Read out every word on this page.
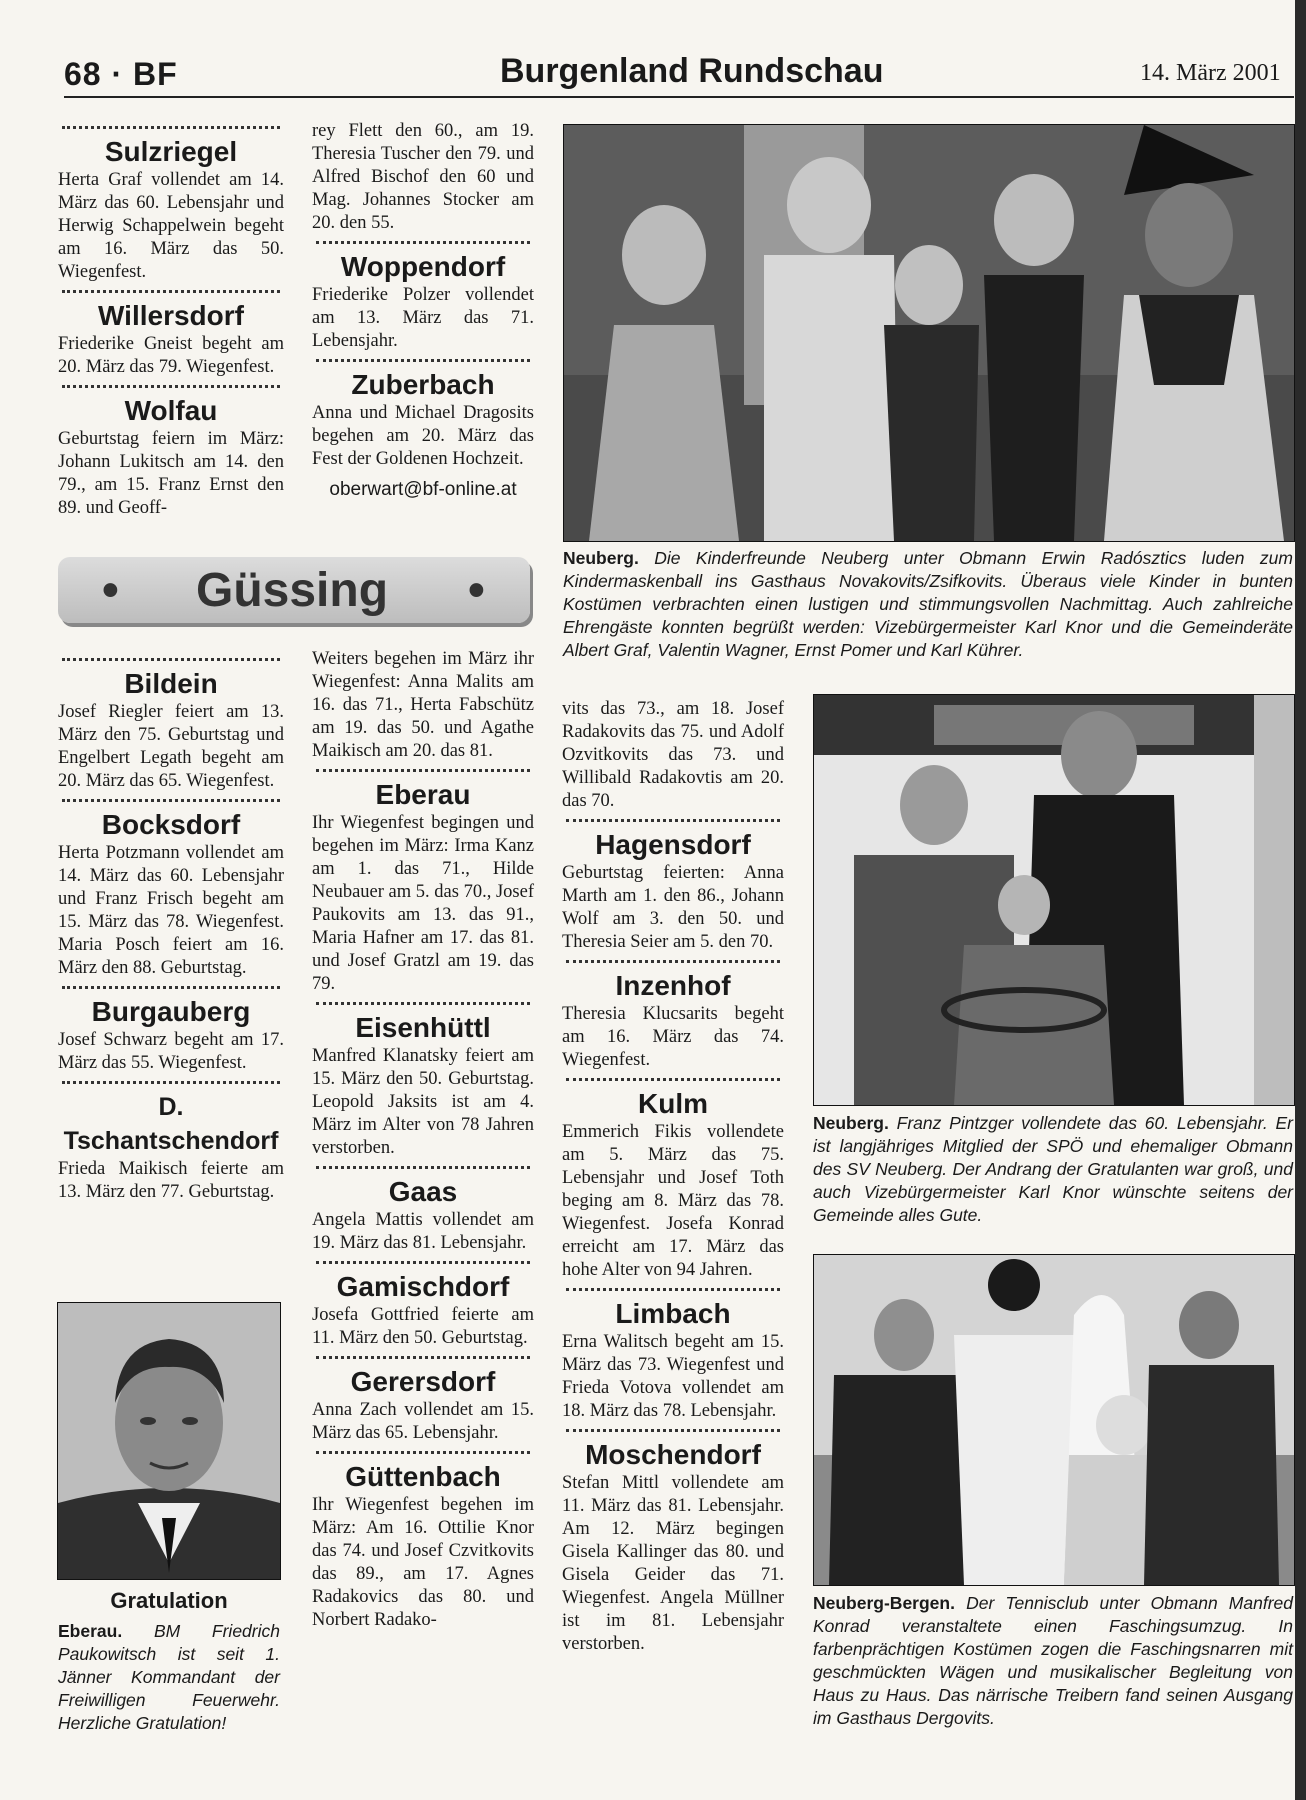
68 · BF	Burgenland Rundschau	14. März 2001
Sulzriegel

Herta Graf vollendet am 14. März das 60. Lebensjahr und Herwig Schappelwein begeht am 16. März das 50. Wiegenfest.

Willersdorf

Friederike Gneist begeht am 20. März das 79. Wiegenfest.

Wolfau

Geburtstag feiern im März: Johann Lukitsch am 14. den 79., am 15. Franz Ernst den 89. und Geoff-

rey Flett den 60., am 19. Theresia Tuscher den 79. und Alfred Bischof den 60 und Mag. Johannes Stocker am 20. den 55.

Woppendorf

Friederike Polzer vollendet am 13. März das 71. Lebensjahr.

Zuberbach

Anna und Michael Dragosits begehen am 20. März das Fest der Goldenen Hochzeit.

oberwart@bf-online.at
• Güssing •
Bildein

Josef Riegler feiert am 13. März den 75. Geburtstag und Engelbert Legath begeht am 20. März das 65. Wiegenfest.

Bocksdorf

Herta Potzmann vollendet am 14. März das 60. Lebensjahr und Franz Frisch begeht am 15. März das 78. Wiegenfest. Maria Posch feiert am 16. März den 88. Geburtstag.

Burgauberg

Josef Schwarz begeht am 17. März das 55. Wiegenfest.

D. Tschantschendorf

Frieda Maikisch feierte am 13. März den 77. Geburtstag.

Gratulation
Eberau. BM Friedrich Paukowitsch ist seit 1. Jänner Kommandant der Freiwilligen Feuerwehr. Herzliche Gratulation!

Weiters begehen im März ihr Wiegenfest: Anna Malits am 16. das 71., Herta Fabschütz am 19. das 50. und Agathe Maikisch am 20. das 81.

Eberau

Ihr Wiegenfest begingen und begehen im März: Irma Kanz am 1. das 71., Hilde Neubauer am 5. das 70., Josef Paukovits am 13. das 91., Maria Hafner am 17. das 81. und Josef Gratzl am 19. das 79.

Eisenhüttl

Manfred Klanatsky feiert am 15. März den 50. Geburtstag. Leopold Jaksits ist am 4. März im Alter von 78 Jahren verstorben.

Gaas

Angela Mattis vollendet am 19. März das 81. Lebensjahr.

Gamischdorf

Josefa Gottfried feierte am 11. März den 50. Geburtstag.

Gerersdorf

Anna Zach vollendet am 15. März das 65. Lebensjahr.

Güttenbach

Ihr Wiegenfest begehen im März: Am 16. Ottilie Knor das 74. und Josef Czvitkovits das 89., am 17. Agnes Radakovics das 80. und Norbert Radako-

vits das 73., am 18. Josef Radakovits das 75. und Adolf Ozvitkovits das 73. und Willibald Radakovtis am 20. das 70.

Hagensdorf

Geburtstag feierten: Anna Marth am 1. den 86., Johann Wolf am 3. den 50. und Theresia Seier am 5. den 70.

Inzenhof

Theresia Klucsarits begeht am 16. März das 74. Wiegenfest.

Kulm

Emmerich Fikis vollendete am 5. März das 75. Lebensjahr und Josef Toth beging am 8. März das 78. Wiegenfest. Josefa Konrad erreicht am 17. März das hohe Alter von 94 Jahren.

Limbach

Erna Walitsch begeht am 15. März das 73. Wiegenfest und Frieda Votova vollendet am 18. März das 78. Lebensjahr.

Moschendorf

Stefan Mittl vollendete am 11. März das 81. Lebensjahr. Am 12. März begingen Gisela Kallinger das 80. und Gisela Geider das 71. Wiegenfest. Angela Müllner ist im 81. Lebensjahr verstorben.

Neuberg. Die Kinderfreunde Neuberg unter Obmann Erwin Radósztics luden zum Kindermaskenball ins Gasthaus Novakovits/Zsifkovits. Überaus viele Kinder in bunten Kostümen verbrachten einen lustigen und stimmungsvollen Nachmittag. Auch zahlreiche Ehrengäste konnten begrüßt werden: Vizebürgermeister Karl Knor und die Gemeinderäte Albert Graf, Valentin Wagner, Ernst Pomer und Karl Kührer.
Neuberg. Franz Pintzger vollendete das 60. Lebensjahr. Er ist langjähriges Mitglied der SPÖ und ehemaliger Obmann des SV Neuberg. Der Andrang der Gratulanten war groß, und auch Vizebürgermeister Karl Knor wünschte seitens der Gemeinde alles Gute.
Neuberg-Bergen. Der Tennisclub unter Obmann Manfred Konrad veranstaltete einen Faschingsumzug. In farbenprächtigen Kostümen zogen die Faschingsnarren mit geschmückten Wägen und musikalischer Begleitung von Haus zu Haus. Das närrische Treibern fand seinen Ausgang im Gasthaus Dergovits.
